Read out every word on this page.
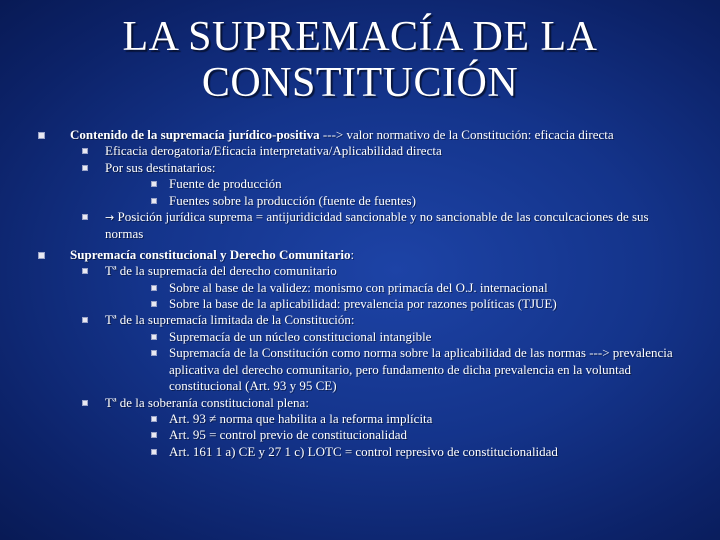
LA SUPREMACÍA DE LA
CONSTITUCIÓN
Contenido de la supremacía jurídico-positiva ---> valor normativo de la Constitución: eficacia directa
Eficacia derogatoria/Eficacia interpretativa/Aplicabilidad directa
Por sus destinatarios:
Fuente de producción
Fuentes sobre la producción (fuente de fuentes)
→ Posición jurídica suprema = antijuridicidad sancionable y no sancionable de las conculcaciones de sus normas
Supremacía constitucional y Derecho Comunitario:
Tª de la supremacía del derecho comunitario
Sobre al base de la validez: monismo con primacía del O.J. internacional
Sobre la base de la aplicabilidad: prevalencia por razones políticas (TJUE)
Tª de la supremacía limitada de la Constitución:
Supremacía de un núcleo constitucional intangible
Supremacía de la Constitución como norma sobre la aplicabilidad de las normas ---> prevalencia aplicativa del derecho comunitario, pero fundamento de dicha prevalencia en la voluntad constitucional (Art. 93 y 95 CE)
Tª de la soberanía constitucional plena:
Art. 93 ≠ norma que habilita a la reforma implícita
Art. 95 = control previo de constitucionalidad
Art. 161 1 a) CE y 27 1 c) LOTC = control represivo de constitucionalidad
